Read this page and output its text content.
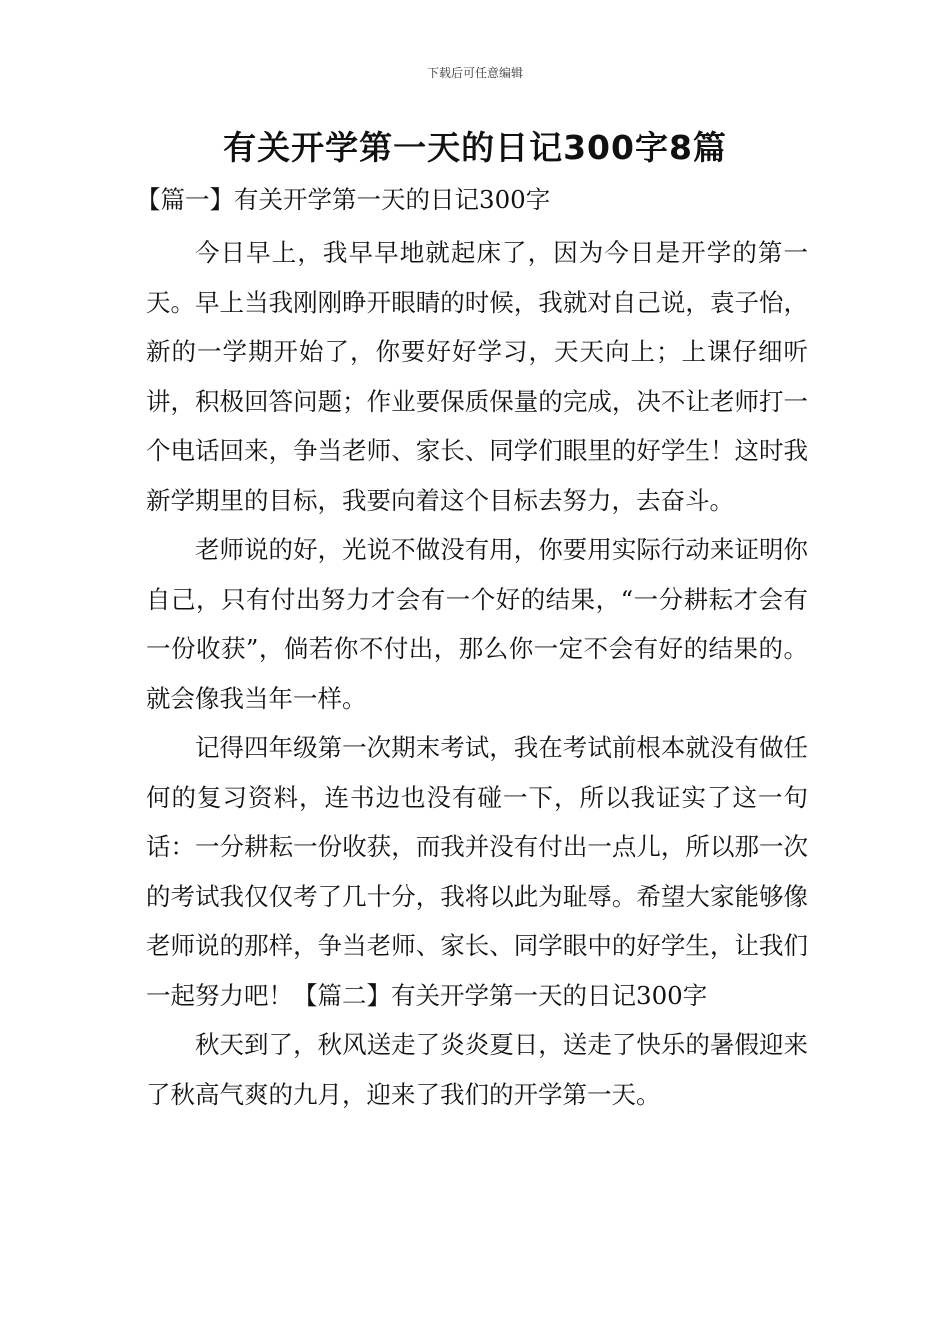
下载后可任意编辑
有关开学第一天的日记300字8篇
【篇一】有关开学第一天的日记300字

今日早上，我早早地就起床了，因为今日是开学的第一天。早上当我刚刚睁开眼睛的时候，我就对自己说，袁子怡，新的一学期开始了，你要好好学习，天天向上；上课仔细听讲，积极回答问题；作业要保质保量的完成，决不让老师打一个电话回来，争当老师、家长、同学们眼里的好学生！这时我新学期里的目标，我要向着这个目标去努力，去奋斗。

老师说的好，光说不做没有用，你要用实际行动来证明你自己，只有付出努力才会有一个好的结果，“一分耕耘才会有一份收获”，倘若你不付出，那么你一定不会有好的结果的。就会像我当年一样。

记得四年级第一次期末考试，我在考试前根本就没有做任何的复习资料，连书边也没有碰一下，所以我证实了这一句话：一分耕耘一份收获，而我并没有付出一点儿，所以那一次的考试我仅仅考了几十分，我将以此为耻辱。希望大家能够像老师说的那样，争当老师、家长、同学眼中的好学生，让我们一起努力吧！【篇二】有关开学第一天的日记300字

秋天到了，秋风送走了炎炎夏日，送走了快乐的暑假迎来了秋高气爽的九月，迎来了我们的开学第一天。
